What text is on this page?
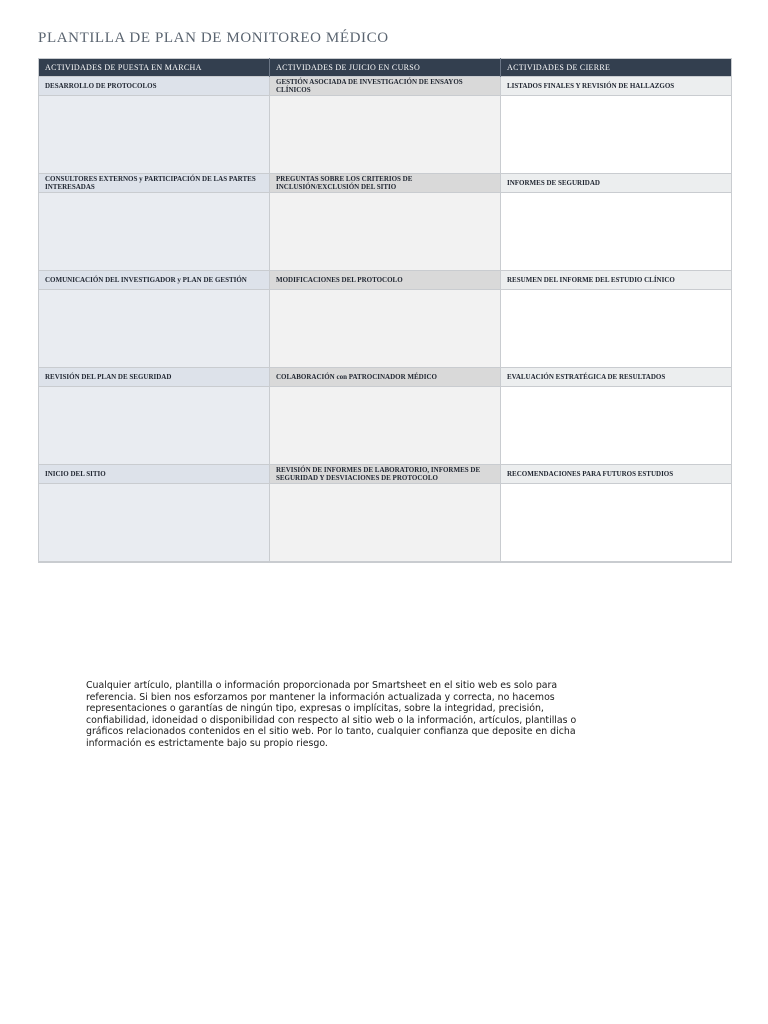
PLANTILLA DE PLAN DE MONITOREO MÉDICO
ACTIVIDADES DE PUESTA EN MARCHA	ACTIVIDADES DE JUICIO EN CURSO	ACTIVIDADES DE CIERRE
DESARROLLO DE PROTOCOLOS	GESTIÓN ASOCIADA DE INVESTIGACIÓN DE ENSAYOS CLÍNICOS	LISTADOS FINALES Y REVISIÓN DE HALLAZGOS

CONSULTORES EXTERNOS y PARTICIPACIÓN DE LAS PARTES INTERESADAS	PREGUNTAS SOBRE LOS CRITERIOS DE INCLUSIÓN/EXCLUSIÓN DEL SITIO	INFORMES DE SEGURIDAD

COMUNICACIÓN DEL INVESTIGADOR y PLAN DE GESTIÓN	MODIFICACIONES DEL PROTOCOLO	RESUMEN DEL INFORME DEL ESTUDIO CLÍNICO

REVISIÓN DEL PLAN DE SEGURIDAD	COLABORACIÓN con PATROCINADOR MÉDICO	EVALUACIÓN ESTRATÉGICA DE RESULTADOS

INICIO DEL SITIO	REVISIÓN DE INFORMES DE LABORATORIO, INFORMES DE SEGURIDAD Y DESVIACIONES DE PROTOCOLO	RECOMENDACIONES PARA FUTUROS ESTUDIOS

Cualquier artículo, plantilla o información proporcionada por Smartsheet en el sitio web es solo para referencia. Si bien nos esforzamos por mantener la información actualizada y correcta, no hacemos representaciones o garantías de ningún tipo, expresas o implícitas, sobre la integridad, precisión, confiabilidad, idoneidad o disponibilidad con respecto al sitio web o la información, artículos, plantillas o gráficos relacionados contenidos en el sitio web. Por lo tanto, cualquier confianza que deposite en dicha información es estrictamente bajo su propio riesgo.
